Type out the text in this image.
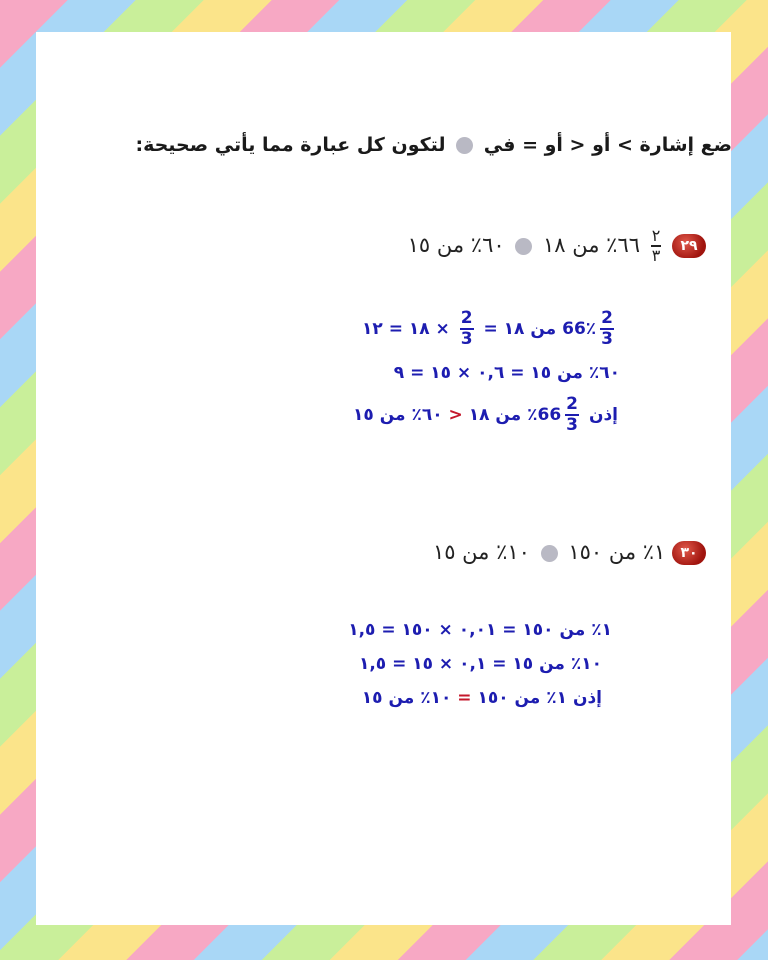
ضع إشارة > أو < أو = في  لتكون كل عبارة مما يأتي صحيحة:
٢٩
$\frac{٢}{٣}$
٦٦٪ من ١٨  ٦٠٪ من ١٥
$\frac{2}{3}$
66٪ من ١٨ =
$\frac{2}{3}$
× ١٨ = ١٢
٦٠٪ من ١٥ = ٠,٦ × ١٥ = ٩
إذن
$\frac{2}{3}$
66٪ من ١٨ < ٦٠٪ من ١٥
٣٠ ١٪ من ١٥٠  ١٠٪ من ١٥
١٪ من ١٥٠ = ٠,٠١ × ١٥٠ = ١,٥
١٠٪ من ١٥ = ٠,١ × ١٥ = ١,٥
إذن ١٪ من ١٥٠ = ١٠٪ من ١٥
